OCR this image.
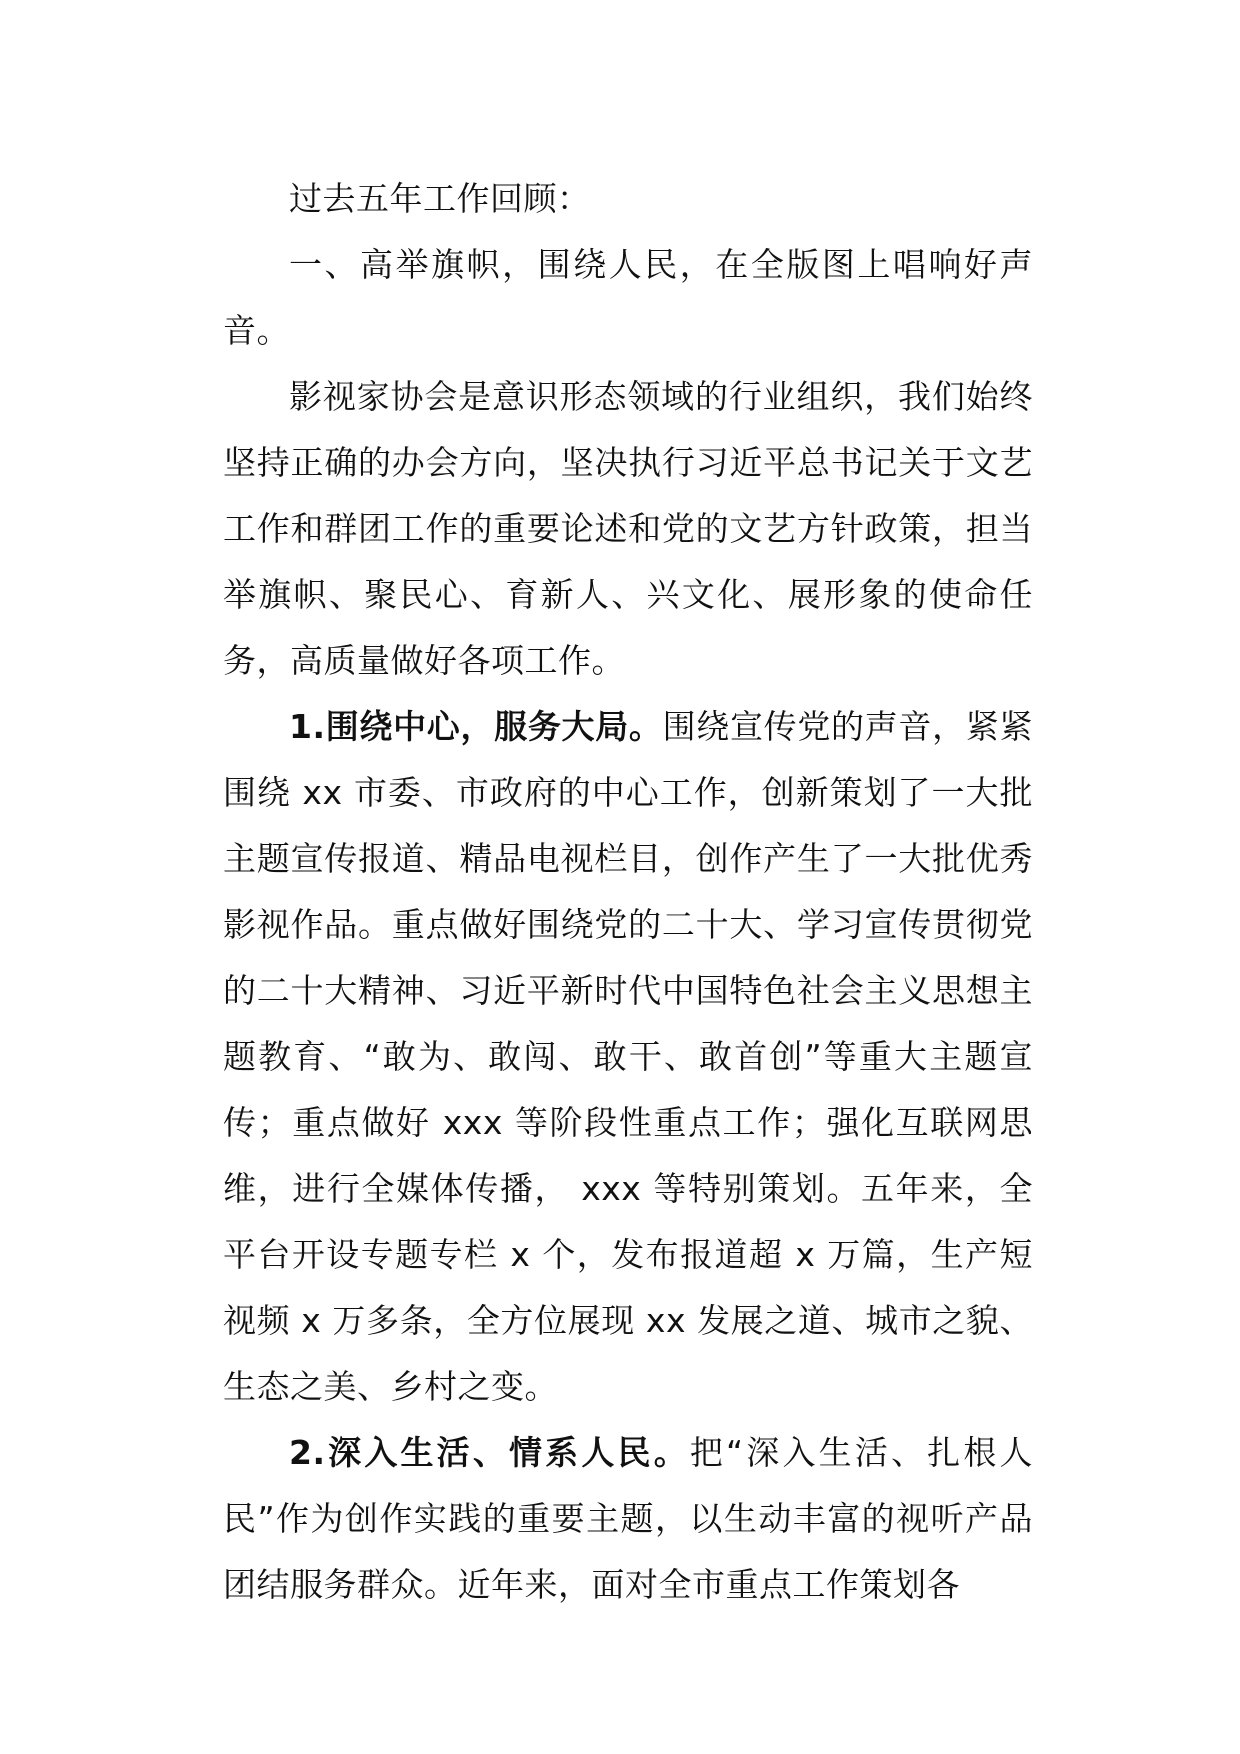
过去五年工作回顾：

一、高举旗帜，围绕人民，在全版图上唱响好声音。

影视家协会是意识形态领域的行业组织，我们始终坚持正确的办会方向，坚决执行习近平总书记关于文艺工作和群团工作的重要论述和党的文艺方针政策，担当举旗帜、聚民心、育新人、兴文化、展形象的使命任务，高质量做好各项工作。

1.围绕中心，服务大局。围绕宣传党的声音，紧紧围绕 xx 市委、市政府的中心工作，创新策划了一大批主题宣传报道、精品电视栏目，创作产生了一大批优秀影视作品。重点做好围绕党的二十大、学习宣传贯彻党的二十大精神、习近平新时代中国特色社会主义思想主题教育、“敢为、敢闯、敢干、敢首创”等重大主题宣传；重点做好 xxx 等阶段性重点工作；强化互联网思维，进行全媒体传播， xxx 等特别策划。五年来，全平台开设专题专栏 x 个，发布报道超 x 万篇，生产短视频 x 万多条，全方位展现 xx 发展之道、城市之貌、生态之美、乡村之变。

2.深入生活、情系人民。把“深入生活、扎根人民”作为创作实践的重要主题，以生动丰富的视听产品团结服务群众。近年来，面对全市重点工作策划各
